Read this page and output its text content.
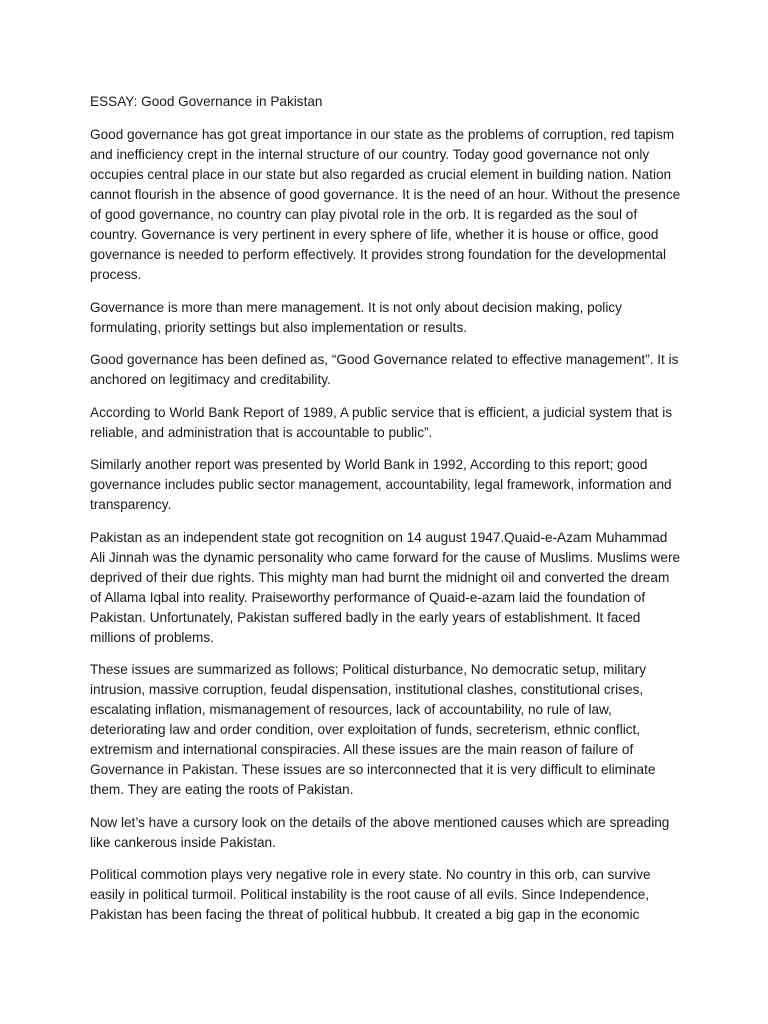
ESSAY: Good Governance in Pakistan

Good governance has got great importance in our state as the problems of corruption, red tapism and inefficiency crept in the internal structure of our country. Today good governance not only occupies central place in our state but also regarded as crucial element in building nation. Nation cannot flourish in the absence of good governance. It is the need of an hour. Without the presence of good governance, no country can play pivotal role in the orb. It is regarded as the soul of country. Governance is very pertinent in every sphere of life, whether it is house or office, good governance is needed to perform effectively. It provides strong foundation for the developmental process.

Governance is more than mere management. It is not only about decision making, policy formulating, priority settings but also implementation or results.

Good governance has been defined as, “Good Governance related to effective management”. It is anchored on legitimacy and creditability.

According to World Bank Report of 1989, A public service that is efficient, a judicial system that is reliable, and administration that is accountable to public”.

Similarly another report was presented by World Bank in 1992, According to this report; good governance includes public sector management, accountability, legal framework, information and transparency.

Pakistan as an independent state got recognition on 14 august 1947.Quaid-e-Azam Muhammad Ali Jinnah was the dynamic personality who came forward for the cause of Muslims. Muslims were deprived of their due rights. This mighty man had burnt the midnight oil and converted the dream of Allama Iqbal into reality. Praiseworthy performance of Quaid-e-azam laid the foundation of Pakistan. Unfortunately, Pakistan suffered badly in the early years of establishment. It faced millions of problems.

These issues are summarized as follows; Political disturbance, No democratic setup, military intrusion, massive corruption, feudal dispensation, institutional clashes, constitutional crises, escalating inflation, mismanagement of resources, lack of accountability, no rule of law, deteriorating law and order condition, over exploitation of funds, secreterism, ethnic conflict, extremism and international conspiracies. All these issues are the main reason of failure of Governance in Pakistan. These issues are so interconnected that it is very difficult to eliminate them. They are eating the roots of Pakistan.

Now let’s have a cursory look on the details of the above mentioned causes which are spreading like cankerous inside Pakistan.

Political commotion plays very negative role in every state. No country in this orb, can survive easily in political turmoil. Political instability is the root cause of all evils. Since Independence, Pakistan has been facing the threat of political hubbub. It created a big gap in the economic
